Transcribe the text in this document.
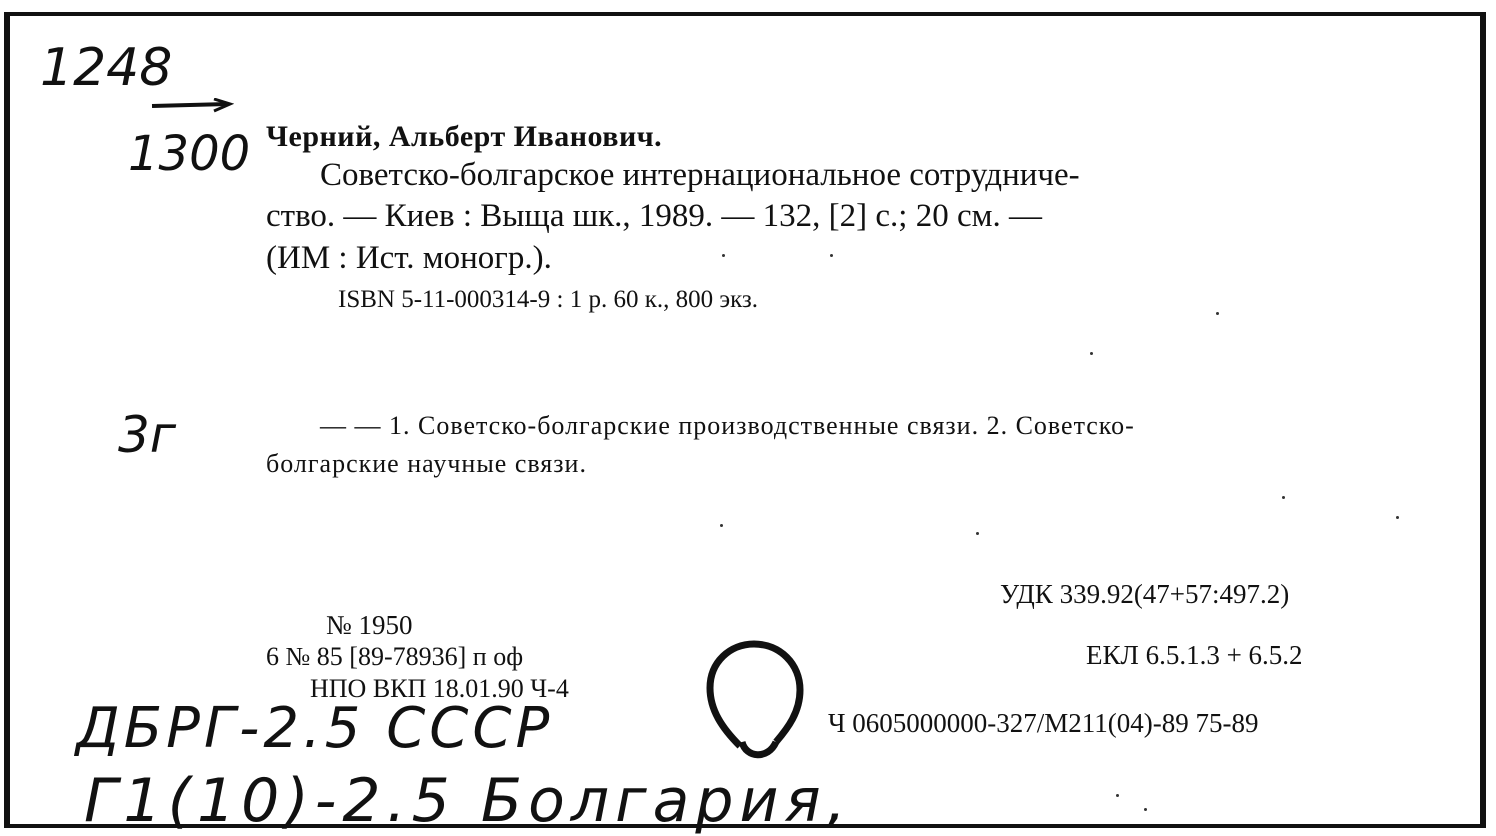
1248
1300 Черний, Альберт Иванович.
Советско-болгарское интернациональное сотрудниче-
ство. — Киев : Выща шк., 1989. — 132, [2] с.; 20 см. —
(ИМ : Ист. моногр.).
ISBN 5-11-000314-9 : 1 р. 60 к., 800 экз.
3г	— — 1. Советско-болгарские производственные связи. 2. Советско-
болгарские научные связи.
УДК 339.92(47+57:497.2)
№ 1950
ЕКЛ 6.5.1.3 + 6.5.2
6 № 85 [89-78936] п оф
НПО ВКП 18.01.90 Ч-4
Ч 0605000000-327/М211(04)-89 75-89
ДБРГ-2.5 СССР
Г1(10)-2.5 Болгария,
